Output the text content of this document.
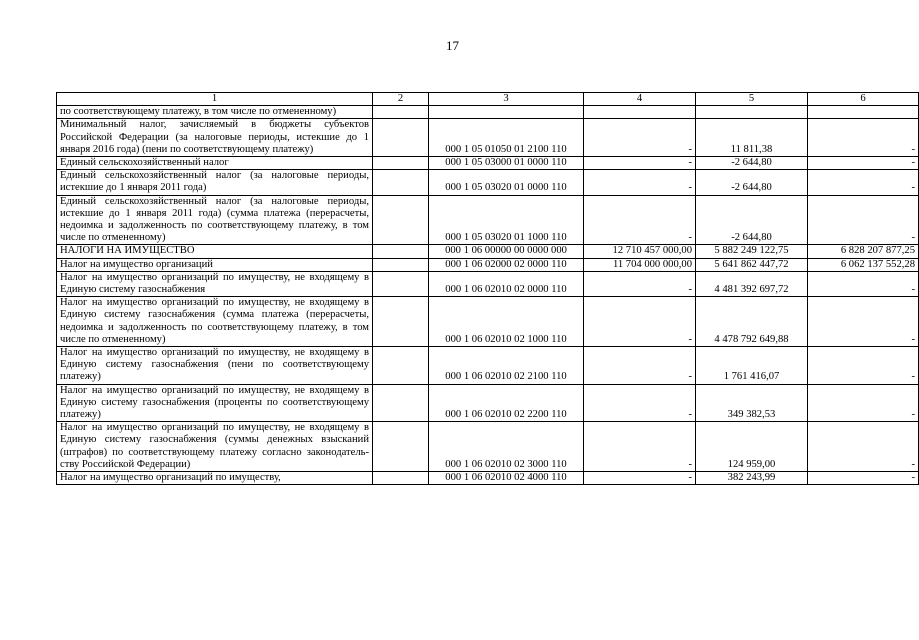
17
1	2	3	4	5	6
по соответствующему платежу, в том числе по отмененному)					
Минимальный налог, зачисляемый в бюджеты субъектов Российской Федерации (за налоговые периоды, истекшие до 1 января 2016 года) (пени по соответствующему платежу)		000 1 05 01050 01 2100 110	-	11 811,38	-
Единый сельскохозяйственный налог		000 1 05 03000 01 0000 110	-	-2 644,80	-
Единый сельскохозяйственный налог (за налоговые периоды, истекшие до 1 января 2011 года)		000 1 05 03020 01 0000 110	-	-2 644,80	-
Единый сельскохозяйственный налог (за налоговые периоды, истекшие до 1 января 2011 года) (сумма платежа (перерасчеты, недоимка и задолженность по соответствующему платежу, в том числе по отмененному)		000 1 05 03020 01 1000 110	-	-2 644,80	-
НАЛОГИ НА ИМУЩЕСТВО		000 1 06 00000 00 0000 000	12 710 457 000,00	5 882 249 122,75	6 828 207 877,25
Налог на имущество организаций		000 1 06 02000 02 0000 110	11 704 000 000,00	5 641 862 447,72	6 062 137 552,28
Налог на имущество организаций по имуществу, не входящему в Единую систему газоснабжения		000 1 06 02010 02 0000 110	-	4 481 392 697,72	-
Налог на имущество организаций по имуществу, не входящему в Единую систему газоснабжения (сумма платежа (перерасчеты, недоимка и задолженность по соответствующему платежу, в том числе по отмененному)		000 1 06 02010 02 1000 110	-	4 478 792 649,88	-
Налог на имущество организаций по имуществу, не входящему в Единую систему газоснабжения (пени по соответствующему платежу)		000 1 06 02010 02 2100 110	-	1 761 416,07	-
Налог на имущество организаций по имуществу, не входящему в Единую систему газоснабжения (проценты по соответствующему платежу)		000 1 06 02010 02 2200 110	-	349 382,53	-
Налог на имущество организаций по имуществу, не входящему в Единую систему газоснабжения (суммы денежных взысканий (штрафов) по соответствующему платежу согласно законодательству Российской Федерации)		000 1 06 02010 02 3000 110	-	124 959,00	-
Налог на имущество организаций по имуществу,		000 1 06 02010 02 4000 110	-	382 243,99	-
